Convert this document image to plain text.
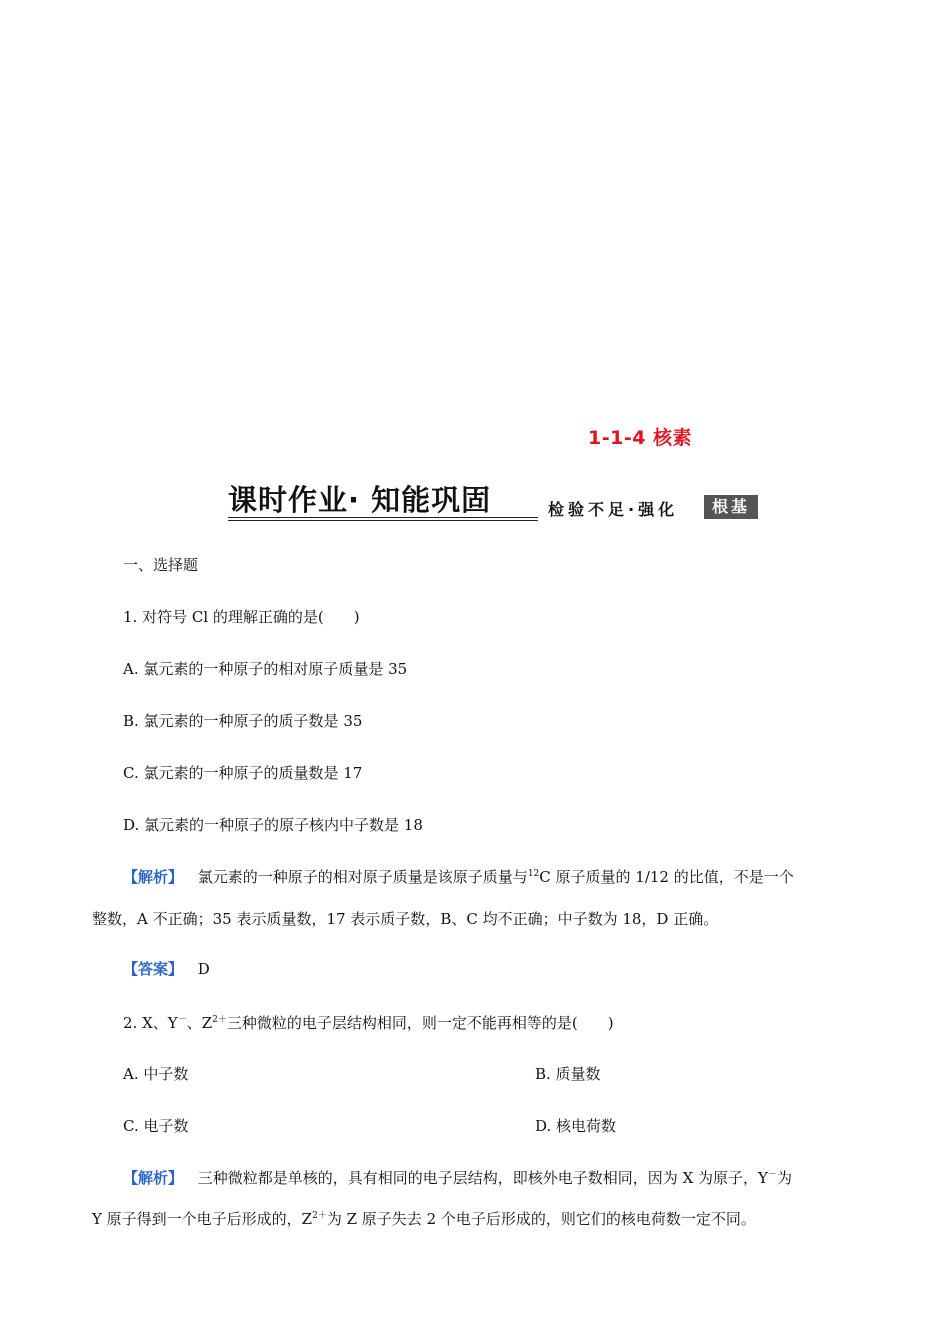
1-1-4 核素
课时作业· 知能巩固	检验不足·强化	根基
一、选择题
1. 对符号 Cl 的理解正确的是(　　)
A. 氯元素的一种原子的相对原子质量是 35
B. 氯元素的一种原子的质子数是 35
C. 氯元素的一种原子的质量数是 17
D. 氯元素的一种原子的原子核内中子数是 18
【解析】 氯元素的一种原子的相对原子质量是该原子质量与$^{12}$C 原子质量的 1/12 的比值，不是一个
整数，A 不正确；35 表示质量数，17 表示质子数，B、C 均不正确；中子数为 18，D 正确。
【答案】 D
2. X、Y－、$Z^{2+}$三种微粒的电子层结构相同，则一定不能再相等的是(　　)
A. 中子数	B. 质量数
C. 电子数	D. 核电荷数
【解析】 三种微粒都是单核的，具有相同的电子层结构，即核外电子数相同，因为 X 为原子，Y－为
Y 原子得到一个电子后形成的，$Z^{2+}$为 Z 原子失去 2 个电子后形成的，则它们的核电荷数一定不同。
